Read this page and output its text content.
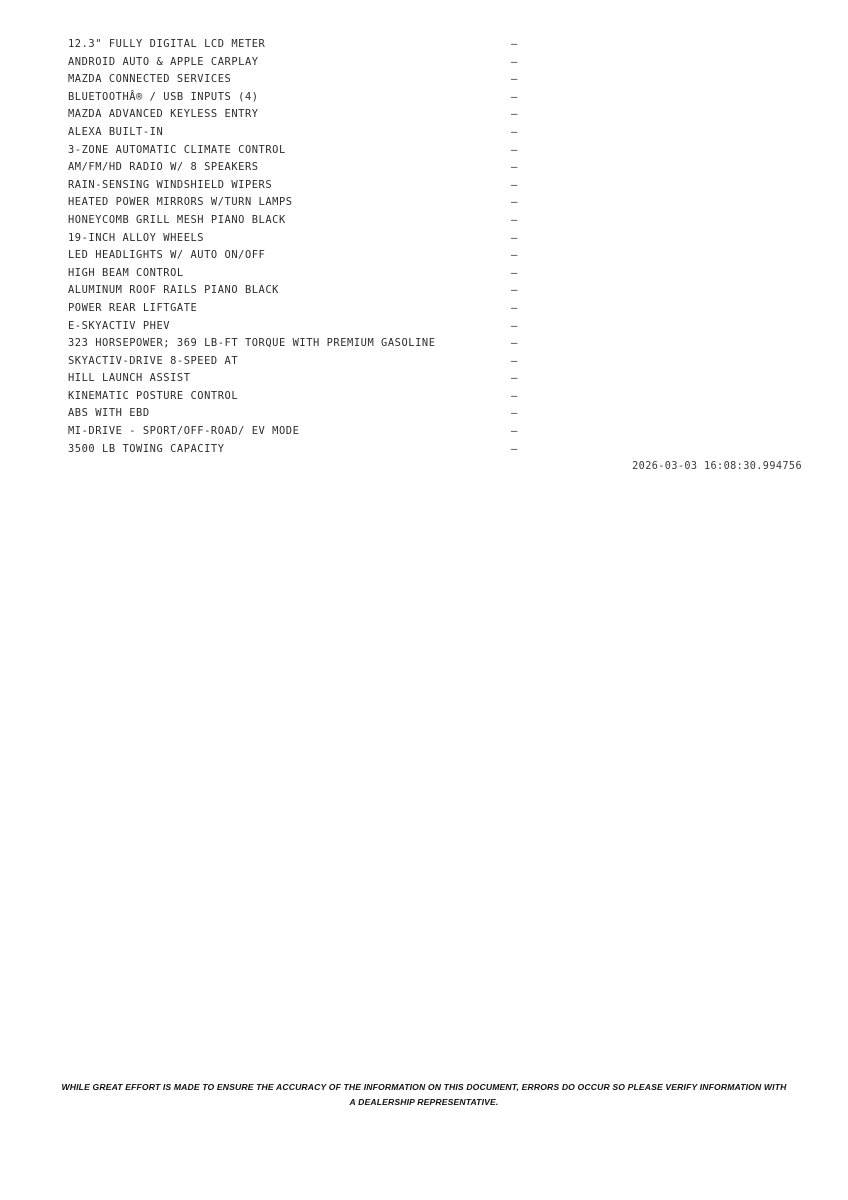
12.3" FULLY DIGITAL LCD METER	—
ANDROID AUTO & APPLE CARPLAY	—
MAZDA CONNECTED SERVICES	—
BLUETOOTHÂ® / USB INPUTS (4)	—
MAZDA ADVANCED KEYLESS ENTRY	—
ALEXA BUILT-IN	—
3-ZONE AUTOMATIC CLIMATE CONTROL	—
AM/FM/HD RADIO W/ 8 SPEAKERS	—
RAIN-SENSING WINDSHIELD WIPERS	—
HEATED POWER MIRRORS W/TURN LAMPS	—
HONEYCOMB GRILL MESH PIANO BLACK	—
19-INCH ALLOY WHEELS	—
LED HEADLIGHTS W/ AUTO ON/OFF	—
HIGH BEAM CONTROL	—
ALUMINUM ROOF RAILS PIANO BLACK	—
POWER REAR LIFTGATE	—
E-SKYACTIV PHEV	—
323 HORSEPOWER; 369 LB-FT TORQUE WITH PREMIUM GASOLINE	—
SKYACTIV-DRIVE 8-SPEED AT	—
HILL LAUNCH ASSIST	—
KINEMATIC POSTURE CONTROL	—
ABS WITH EBD	—
MI-DRIVE - SPORT/OFF-ROAD/ EV MODE	—
3500 LB TOWING CAPACITY	—
2026-03-03 16:08:30.994756
WHILE GREAT EFFORT IS MADE TO ENSURE THE ACCURACY OF THE INFORMATION ON THIS DOCUMENT, ERRORS DO OCCUR SO PLEASE VERIFY INFORMATION WITH A DEALERSHIP REPRESENTATIVE.
